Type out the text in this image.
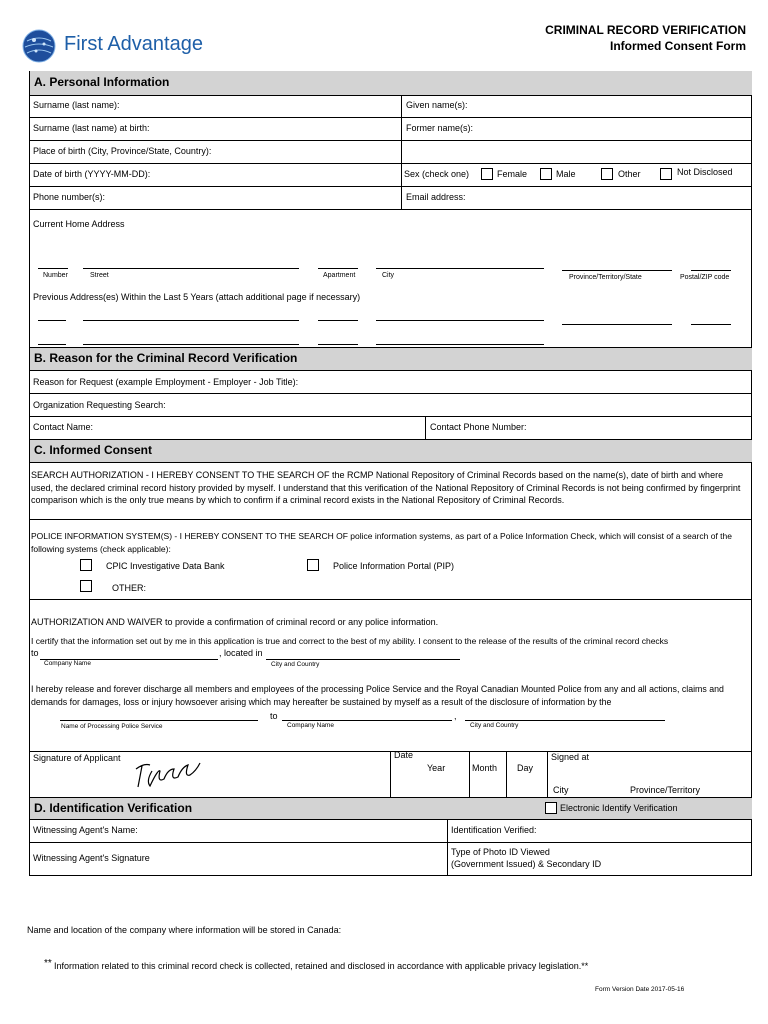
First Advantage
CRIMINAL RECORD VERIFICATION
Informed Consent Form
A. Personal Information
Surname (last name):	Given name(s):
Surname (last name) at birth:	Former name(s):
Place of birth (City, Province/State, Country):
Date of birth (YYYY-MM-DD):	Sex (check one)	Female	Male	Other	Not Disclosed
Phone number(s):	Email address:
Current Home Address
Number	Street	Apartment	City	Province/Territory/State	Postal/ZIP code
Previous Address(es) Within the Last 5 Years (attach additional page if necessary)
B. Reason for the Criminal Record Verification
Reason for Request (example Employment - Employer - Job Title):
Organization Requesting Search:
Contact Name:	Contact Phone Number:
C. Informed Consent
SEARCH AUTHORIZATION - I HEREBY CONSENT TO THE SEARCH OF the RCMP National Repository of Criminal Records based on the name(s), date of birth and where used, the declared criminal record history provided by myself. I understand that this verification of the National Repository of Criminal Records is not being confirmed by fingerprint comparison which is the only true means by which to confirm if a criminal record exists in the National Repository of Criminal Records.
POLICE INFORMATION SYSTEM(S) - I HEREBY CONSENT TO THE SEARCH OF police information systems, as part of a Police Information Check, which will consist of a search of the following systems (check applicable):
CPIC Investigative Data Bank	Police Information Portal (PIP)
OTHER:
AUTHORIZATION AND WAIVER to provide a confirmation of criminal record or any police information.
I certify that the information set out by me in this application is true and correct to the best of my ability. I consent to the release of the results of the criminal record checks
to	, located in
Company Name	City and Country
I hereby release and forever discharge all members and employees of the processing Police Service and the Royal Canadian Mounted Police from any and all actions, claims and demands for damages, loss or injury howsoever arising which may hereafter be sustained by myself as a result of the disclosure of information by the
to	,
Name of Processing Police Service	Company Name	City and Country
Signature of Applicant	Date
Year	Month Day
Signed at
City	Province/Territory
D. Identification Verification	Electronic Identify Verification
Witnessing Agent's Name:	Identification Verified:
Witnessing Agent's Signature
Type of Photo ID Viewed
(Government Issued) & Secondary ID
Name and location of the company where information will be stored in Canada:
** Information related to this criminal record check is collected, retained and disclosed in accordance with applicable privacy legislation.**
Form Version Date 2017-05-16
